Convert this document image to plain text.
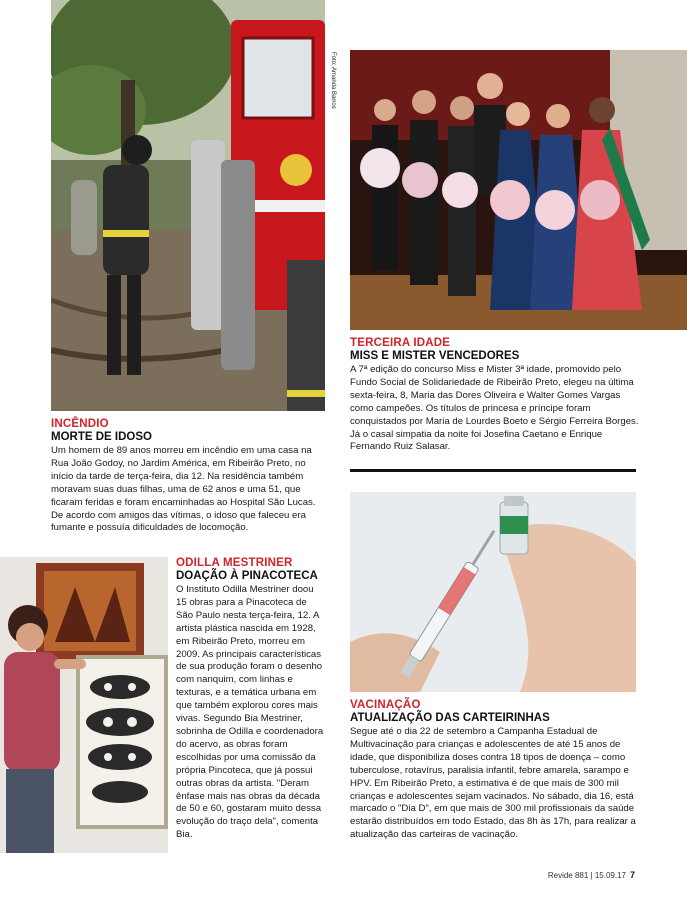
Foto: Amanda Barros
INCÊNDIO
MORTE DE IDOSO
Um homem de 89 anos morreu em incêndio em uma casa na Rua João Godoy, no Jardim América, em Ribeirão Preto, no início da tarde de terça-feira, dia 12. Na residência também moravam suas duas filhas, uma de 62 anos e uma 51, que ficaram feridas e foram encaminhadas ao Hospital São Lucas. De acordo com amigos das vítimas, o idoso que faleceu era fumante e possuía dificuldades de locomoção.
TERCEIRA IDADE
MISS E MISTER VENCEDORES
A 7ª edição do concurso Miss e Mister 3ª idade, promovido pelo Fundo Social de Solidariedade de Ribeirão Preto, elegeu na última sexta-feira, 8, Maria das Dores Oliveira e Walter Gomes Vargas como campeões. Os títulos de princesa e príncipe foram conquistados por Maria de Lourdes Boeto e Sérgio Ferreira Borges. Já o casal simpatia da noite foi Josefina Caetano e Enrique Fernando Ruiz Salasar.
ODILLA MESTRINER
DOAÇÃO À PINACOTECA
O Instituto Odilla Mestriner doou 15 obras para a Pinacoteca de São Paulo nesta terça-feira, 12. A artista plástica nascida em 1928, em Ribeirão Preto, morreu em 2009. As principais características de sua produção foram o desenho com nanquim, com linhas e texturas, e a temática urbana em que também explorou cores mais vivas. Segundo Bia Mestriner, sobrinha de Odilla e coordenadora do acervo, as obras foram escolhidas por uma comissão da própria Pincoteca, que já possui outras obras da artista. "Deram ênfase mais nas obras da década de 50 e 60, gostaram muito dessa evolução do traço dela", comenta Bia.
VACINAÇÃO
ATUALIZAÇÃO DAS CARTEIRINHAS
Segue até o dia 22 de setembro a Campanha Estadual de Multivacinação para crianças e adolescentes de até 15 anos de idade, que disponibiliza doses contra 18 tipos de doença – como tuberculose, rotavírus, paralisia infantil, febre amarela, sarampo e HPV. Em Ribeirão Preto, a estimativa é de que mais de 300 mil crianças e adolescentes sejam vacinados. No sábado, dia 16, está marcado o "Dia D", em que mais de 300 mil profissionais da saúde estarão distribuídos em todo Estado, das 8h às 17h, para realizar a atualização das carteiras de vacinação.
Revide 881 | 15.09.17 7
